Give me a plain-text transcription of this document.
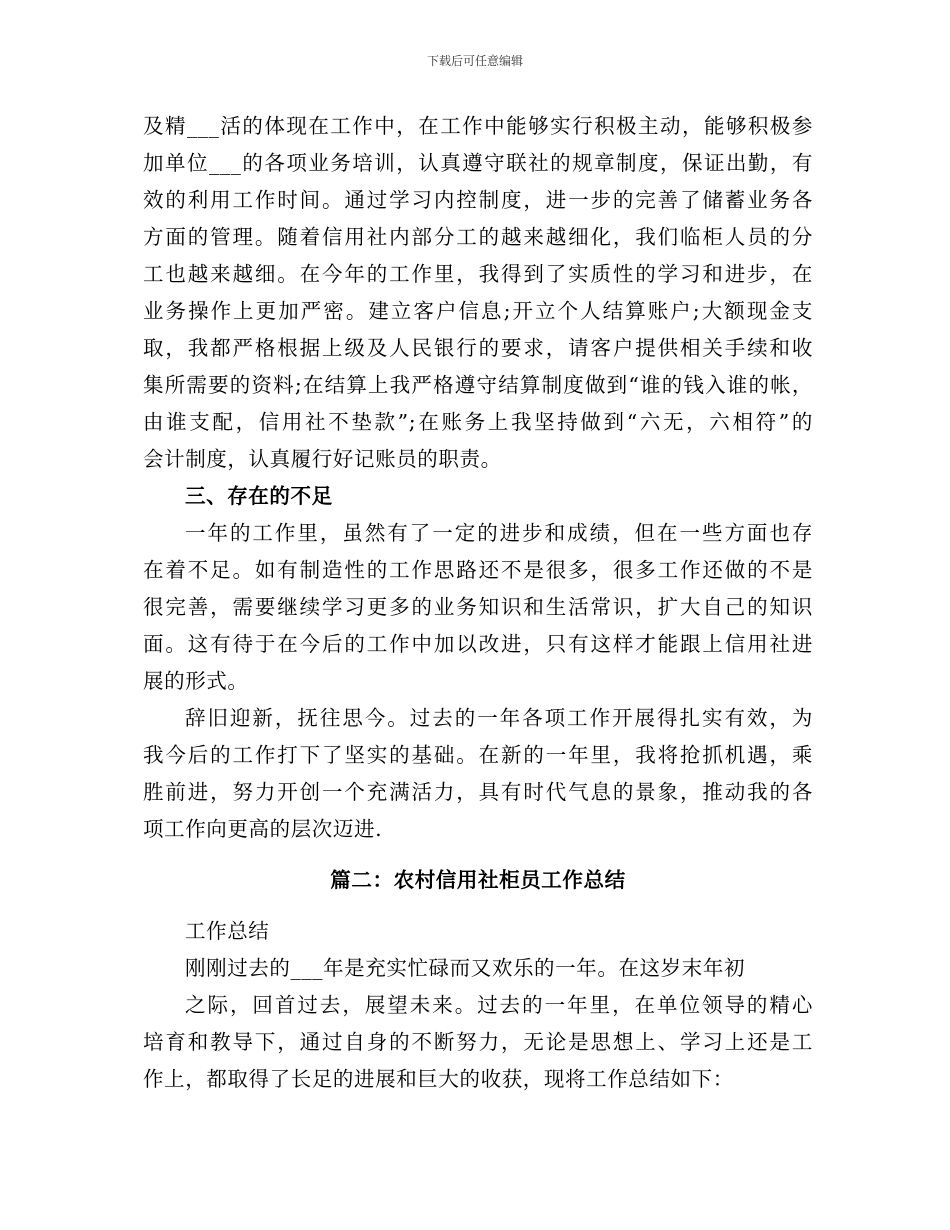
下载后可任意编辑
及精___活的体现在工作中，在工作中能够实行积极主动，能够积极参
加单位___的各项业务培训，认真遵守联社的规章制度，保证出勤，有
效的利用工作时间。通过学习内控制度，进一步的完善了储蓄业务各
方面的管理。随着信用社内部分工的越来越细化，我们临柜人员的分
工也越来越细。在今年的工作里，我得到了实质性的学习和进步，在
业务操作上更加严密。建立客户信息;开立个人结算账户;大额现金支
取，我都严格根据上级及人民银行的要求，请客户提供相关手续和收
集所需要的资料;在结算上我严格遵守结算制度做到“谁的钱入谁的帐，
由谁支配，信用社不垫款”;在账务上我坚持做到“六无，六相符”的
会计制度，认真履行好记账员的职责。
三、存在的不足
一年的工作里，虽然有了一定的进步和成绩，但在一些方面也存
在着不足。如有制造性的工作思路还不是很多，很多工作还做的不是
很完善，需要继续学习更多的业务知识和生活常识，扩大自己的知识
面。这有待于在今后的工作中加以改进，只有这样才能跟上信用社进
展的形式。
辞旧迎新，抚往思今。过去的一年各项工作开展得扎实有效，为
我今后的工作打下了坚实的基础。在新的一年里，我将抢抓机遇，乘
胜前进，努力开创一个充满活力，具有时代气息的景象，推动我的各
项工作向更高的层次迈进.
篇二：农村信用社柜员工作总结
工作总结
刚刚过去的___年是充实忙碌而又欢乐的一年。在这岁末年初
之际，回首过去，展望未来。过去的一年里，在单位领导的精心
培育和教导下，通过自身的不断努力，无论是思想上、学习上还是工
作上，都取得了长足的进展和巨大的收获，现将工作总结如下：
